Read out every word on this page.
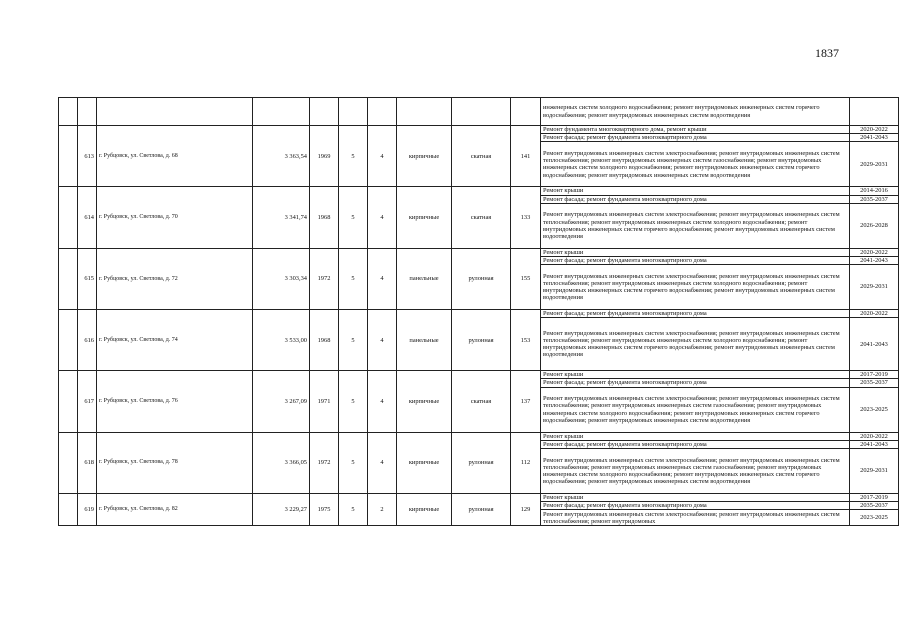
1837
										инженерных систем холодного водоснабжения; ремонт внутридомовых инженерных систем горячего водоснабжения; ремонт внутридомовых инженерных систем водоотведения	
	613	г. Рубцовск, ул. Светлова, д. 68	3 363,54	1969	5	4	кирпичные	скатная	141	Ремонт фундамента многоквартирного дома, ремонт крыши	2020-2022
										Ремонт фасада; ремонт фундамента многоквартирного дома	2041-2043
										Ремонт внутридомовых инженерных систем электроснабжения; ремонт внутридомовых инженерных систем теплоснабжения; ремонт внутридомовых инженерных систем газоснабжения; ремонт внутридомовых инженерных систем холодного водоснабжения; ремонт внутридомовых инженерных систем горячего водоснабжения; ремонт внутридомовых инженерных систем водоотведения	2029-2031
	614	г. Рубцовск, ул. Светлова, д. 70	3 341,74	1968	5	4	кирпичные	скатная	133	Ремонт крыши	2014-2016
										Ремонт фасада; ремонт фундамента многоквартирного дома	2035-2037
										Ремонт внутридомовых инженерных систем электроснабжения; ремонт внутридомовых инженерных систем теплоснабжения; ремонт внутридомовых инженерных систем холодного водоснабжения; ремонт внутридомовых инженерных систем горячего водоснабжения; ремонт внутридомовых инженерных систем водоотведения	2026-2028
	615	г. Рубцовск, ул. Светлова, д. 72	3 303,34	1972	5	4	панельные	рулонная	155	Ремонт крыши	2020-2022
										Ремонт фасада; ремонт фундамента многоквартирного дома	2041-2043
										Ремонт внутридомовых инженерных систем электроснабжения; ремонт внутридомовых инженерных систем теплоснабжения; ремонт внутридомовых инженерных систем холодного водоснабжения; ремонт внутридомовых инженерных систем горячего водоснабжения; ремонт внутридомовых инженерных систем водоотведения	2029-2031
	616	г. Рубцовск, ул. Светлова, д. 74	3 533,00	1968	5	4	панельные	рулонная	153	Ремонт фасада; ремонт фундамента многоквартирного дома	2020-2022
										Ремонт внутридомовых инженерных систем электроснабжения; ремонт внутридомовых инженерных систем теплоснабжения; ремонт внутридомовых инженерных систем холодного водоснабжения; ремонт внутридомовых инженерных систем горячего водоснабжения; ремонт внутридомовых инженерных систем водоотведения	2041-2043
	617	г. Рубцовск, ул. Светлова, д. 76	3 267,09	1971	5	4	кирпичные	скатная	137	Ремонт крыши	2017-2019
										Ремонт фасада; ремонт фундамента многоквартирного дома	2035-2037
										Ремонт внутридомовых инженерных систем электроснабжения; ремонт внутридомовых инженерных систем теплоснабжения; ремонт внутридомовых инженерных систем газоснабжения; ремонт внутридомовых инженерных систем холодного водоснабжения; ремонт внутридомовых инженерных систем горячего водоснабжения; ремонт внутридомовых инженерных систем водоотведения	2023-2025
	618	г. Рубцовск, ул. Светлова, д. 78	3 366,05	1972	5	4	кирпичные	рулонная	112	Ремонт крыши	2020-2022
										Ремонт фасада; ремонт фундамента многоквартирного дома	2041-2043
										Ремонт внутридомовых инженерных систем электроснабжения; ремонт внутридомовых инженерных систем теплоснабжения; ремонт внутридомовых инженерных систем газоснабжения; ремонт внутридомовых инженерных систем холодного водоснабжения; ремонт внутридомовых инженерных систем горячего водоснабжения; ремонт внутридомовых инженерных систем водоотведения	2029-2031
	619	г. Рубцовск, ул. Светлова, д. 82	3 229,27	1975	5	2	кирпичные	рулонная	129	Ремонт крыши	2017-2019
										Ремонт фасада; ремонт фундамента многоквартирного дома	2035-2037
										Ремонт внутридомовых инженерных систем электроснабжения; ремонт внутридомовых инженерных систем теплоснабжения; ремонт внутридомовых	2023-2025
